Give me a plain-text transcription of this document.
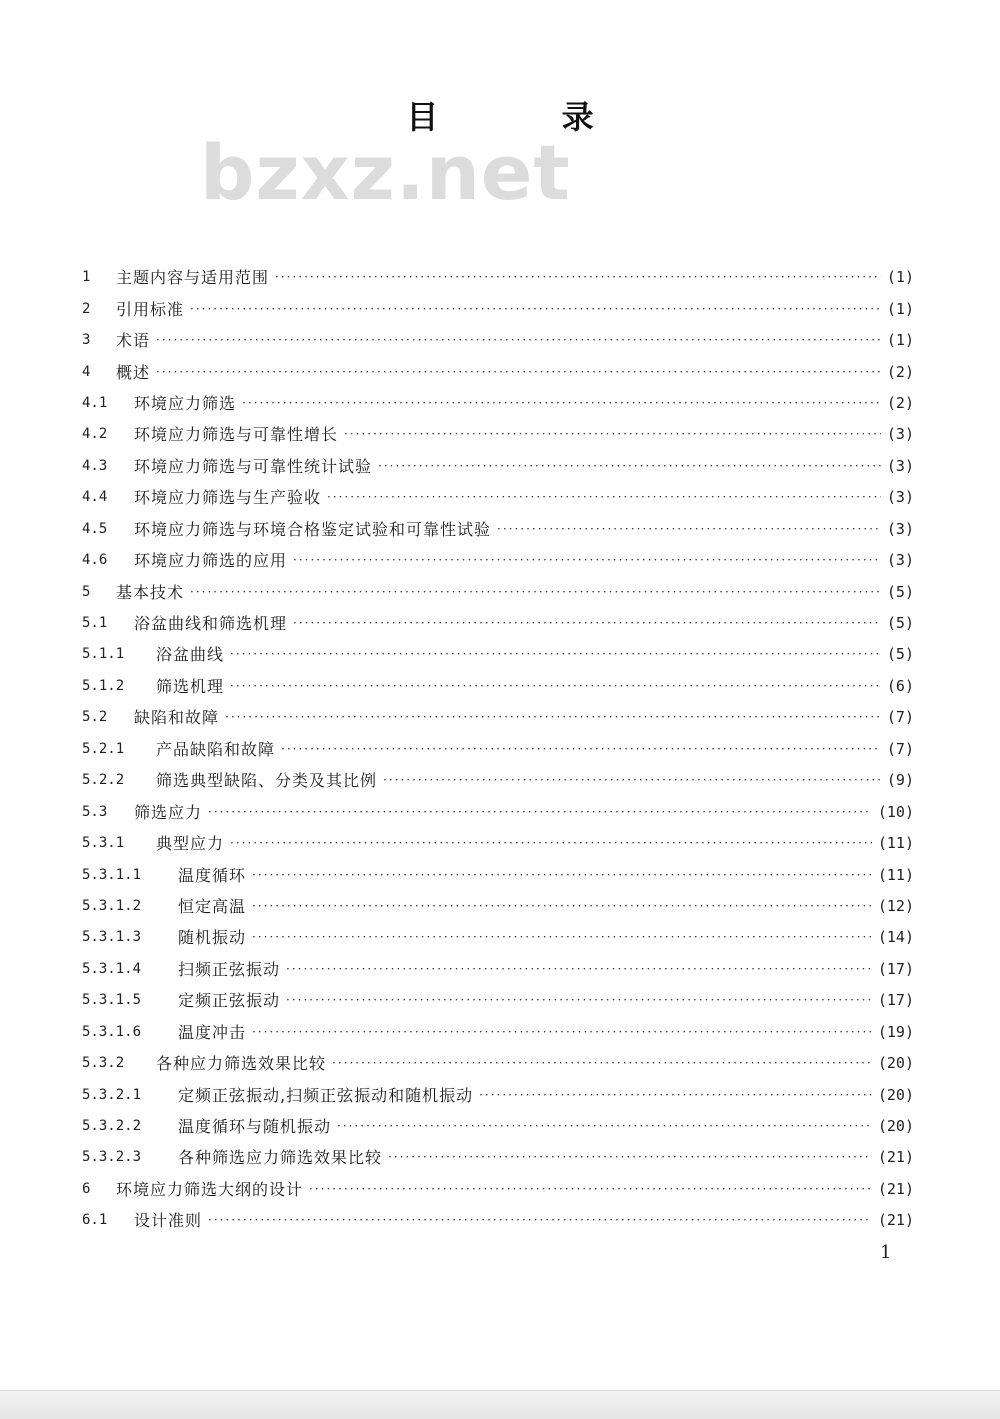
目 录
bzxz.net
1	主题内容与适用范围 ·····	(1)
2	引用标准 ·····	(1)
3	术语 ·····	(1)
4	概述 ·····	(2)
4.1	环境应力筛选 ·····	(2)
4.2	环境应力筛选与可靠性增长 ·····	(3)
4.3	环境应力筛选与可靠性统计试验 ·····	(3)
4.4	环境应力筛选与生产验收 ·····	(3)
4.5	环境应力筛选与环境合格鉴定试验和可靠性试验 ·····	(3)
4.6	环境应力筛选的应用 ·····	(3)
5	基本技术 ·····	(5)
5.1	浴盆曲线和筛选机理 ·····	(5)
5.1.1	浴盆曲线 ·····	(5)
5.1.2	筛选机理 ·····	(6)
5.2	缺陷和故障 ·····	(7)
5.2.1	产品缺陷和故障 ·····	(7)
5.2.2	筛选典型缺陷、分类及其比例 ·····	(9)
5.3	筛选应力 ·····	(10)
5.3.1	典型应力 ·····	(11)
5.3.1.1	温度循环 ·····	(11)
5.3.1.2	恒定高温 ·····	(12)
5.3.1.3	随机振动 ·····	(14)
5.3.1.4	扫频正弦振动 ·····	(17)
5.3.1.5	定频正弦振动 ·····	(17)
5.3.1.6	温度冲击 ·····	(19)
5.3.2	各种应力筛选效果比较 ·····	(20)
5.3.2.1	定频正弦振动,扫频正弦振动和随机振动 ·····	(20)
5.3.2.2	温度循环与随机振动 ·····	(20)
5.3.2.3	各种筛选应力筛选效果比较 ·····	(21)
6	环境应力筛选大纲的设计 ·····	(21)
6.1	设计准则 ·····	(21)
1
